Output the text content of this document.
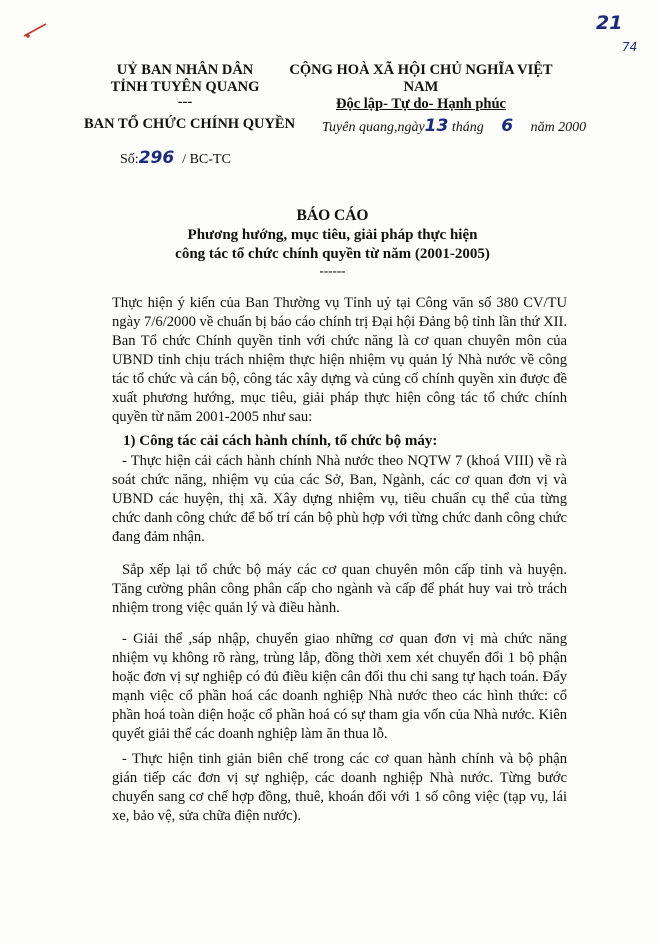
21
74
UỶ BAN NHÂN DÂN
TỈNH TUYÊN QUANG
---
BAN TỔ CHỨC CHÍNH QUYỀN
CỘNG HOÀ XÃ HỘI CHỦ NGHĨA VIỆT NAM
Độc lập- Tự do- Hạnh phúc
Tuyên quang,ngày13 tháng 6 năm 2000
Số:296 / BC-TC
BÁO CÁO
Phương hướng, mục tiêu, giải pháp thực hiện
công tác tổ chức chính quyền từ năm (2001-2005)
------
Thực hiện ý kiến của Ban Thường vụ Tỉnh uỷ tại Công văn số 380 CV/TU ngày 7/6/2000 về chuẩn bị báo cáo chính trị Đại hội Đảng bộ tỉnh lần thứ XII. Ban Tổ chức Chính quyền tỉnh với chức năng là cơ quan chuyên môn của UBND tỉnh chịu trách nhiệm thực hiện nhiệm vụ quản lý Nhà nước về công tác tổ chức và cán bộ, công tác xây dựng và củng cố chính quyền xin được đề xuất phương hướng, mục tiêu, giải pháp thực hiện công tác tổ chức chính quyền từ năm 2001-2005 như sau:
1) Công tác cải cách hành chính, tổ chức bộ máy:
- Thực hiện cải cách hành chính Nhà nước theo NQTW 7 (khoá VIII) về rà soát chức năng, nhiệm vụ của các Sở, Ban, Ngành, các cơ quan đơn vị và UBND các huyện, thị xã. Xây dựng nhiệm vụ, tiêu chuẩn cụ thể của từng chức danh công chức để bố trí cán bộ phù hợp với từng chức danh công chức đang đảm nhận.
Sắp xếp lại tổ chức bộ máy các cơ quan chuyên môn cấp tỉnh và huyện. Tăng cường phân công phân cấp cho ngành và cấp để phát huy vai trò trách nhiệm trong việc quản lý và điều hành.
- Giải thể ,sáp nhập, chuyển giao những cơ quan đơn vị mà chức năng nhiệm vụ không rõ ràng, trùng lắp, đồng thời xem xét chuyển đổi 1 bộ phận hoặc đơn vị sự nghiệp có đủ điều kiện cân đối thu chi sang tự hạch toán. Đẩy mạnh việc cổ phần hoá các doanh nghiệp Nhà nước theo các hình thức: cổ phần hoá toàn diện hoặc cổ phần hoá có sự tham gia vốn của Nhà nước. Kiên quyết giải thể các doanh nghiệp làm ăn thua lỗ.
- Thực hiện tinh giản biên chế trong các cơ quan hành chính và bộ phận gián tiếp các đơn vị sự nghiệp, các doanh nghiệp Nhà nước. Từng bước chuyển sang cơ chế hợp đồng, thuê, khoán đối với 1 số công việc (tạp vụ, lái xe, bảo vệ, sửa chữa điện nước).
